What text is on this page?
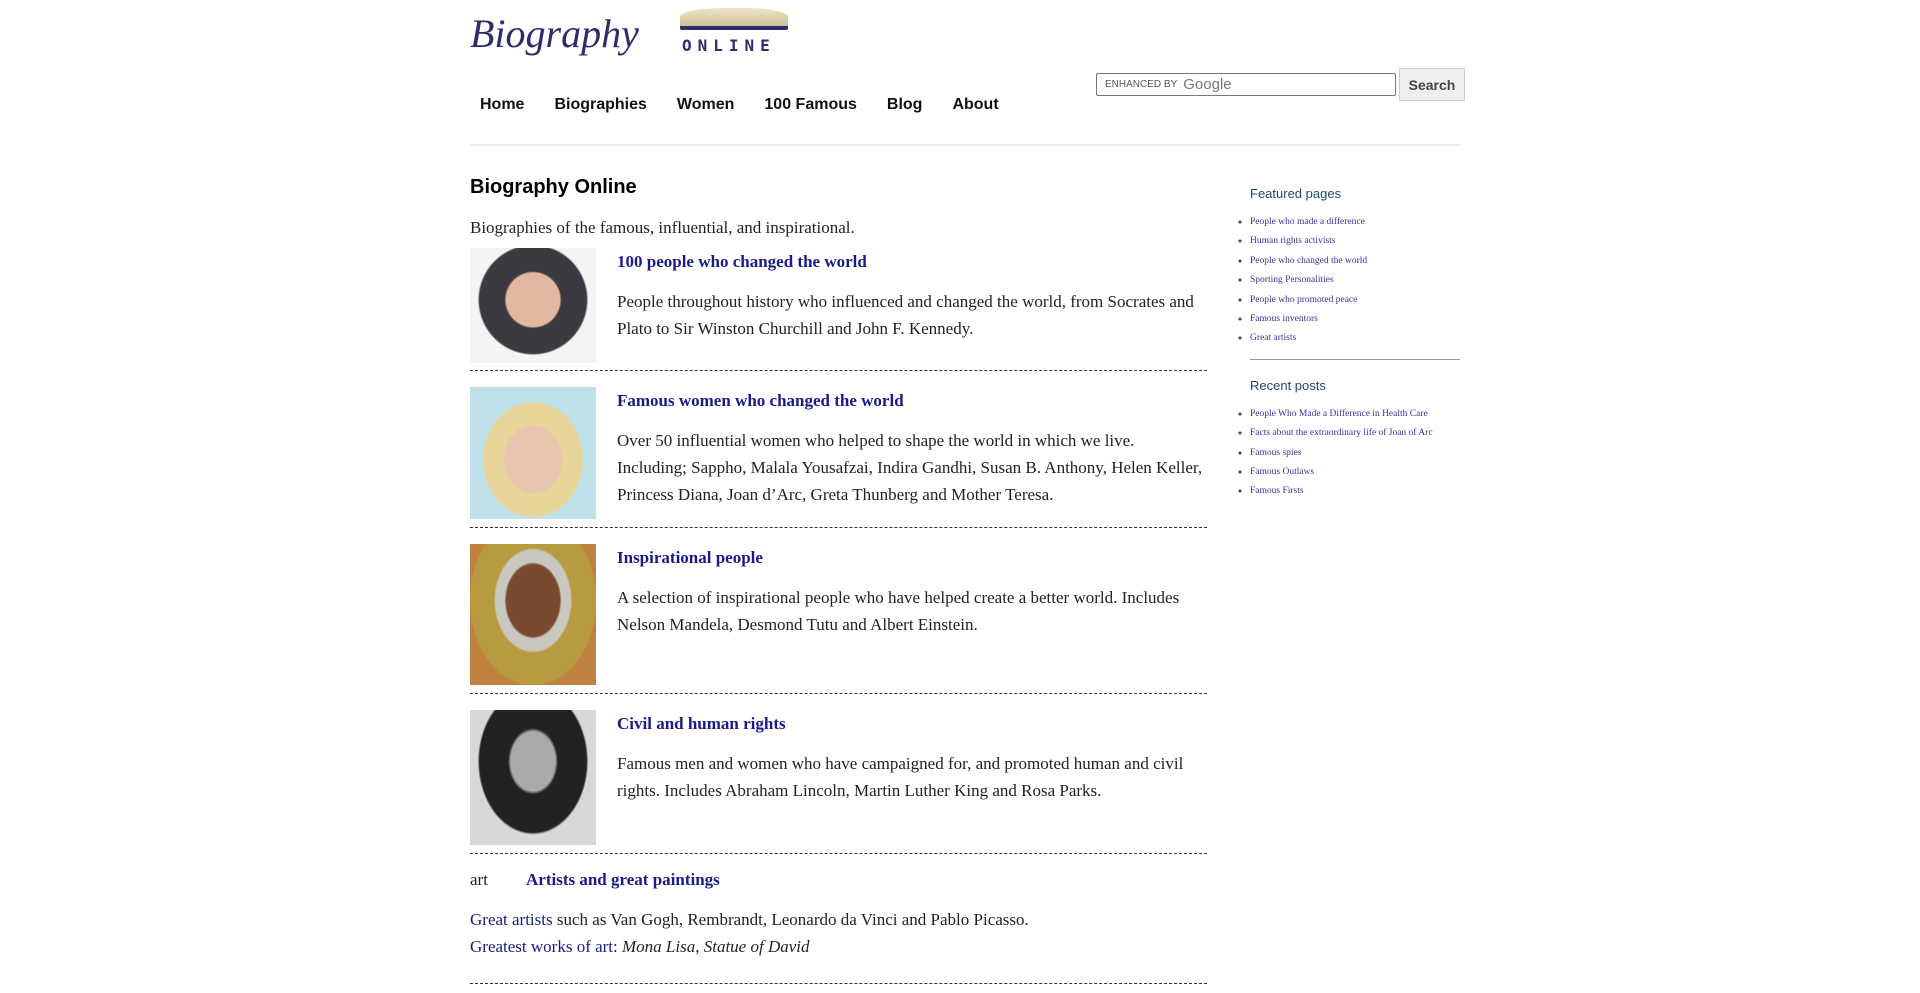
Biography	ONLINE
ENHANCED BY Google	Search
Home	Biographies	Women	100 Famous	Blog	About
Biography Online
Biographies of the famous, influential, and inspirational.
100 people who changed the world

People throughout history who influenced and changed the world, from Socrates and Plato to Sir Winston Churchill and John F. Kennedy.

Famous women who changed the world

Over 50 influential women who helped to shape the world in which we live. Including; Sappho, Malala Yousafzai, Indira Gandhi, Susan B. Anthony, Helen Keller, Princess Diana, Joan d’Arc, Greta Thunberg and Mother Teresa.

Inspirational people

A selection of inspirational people who have helped create a better world. Includes Nelson Mandela, Desmond Tutu and Albert Einstein.

Civil and human rights

Famous men and women who have campaigned for, and promoted human and civil rights. Includes Abraham Lincoln, Martin Luther King and Rosa Parks.

art	Artists and great paintings

Great artists such as Van Gogh, Rembrandt, Leonardo da Vinci and Pablo Picasso.
Greatest works of art: Mona Lisa, Statue of David

Featured pages
◦ People who made a difference
◦ Human rights activists
◦ People who changed the world
◦ Sporting Personalities
◦ People who promoted peace
◦ Famous inventors
◦ Great artists
Recent posts
◦ People Who Made a Difference in Health Care
◦ Facts about the extraordinary life of Joan of Arc
◦ Famous spies
◦ Famous Outlaws
◦ Famous Firsts
